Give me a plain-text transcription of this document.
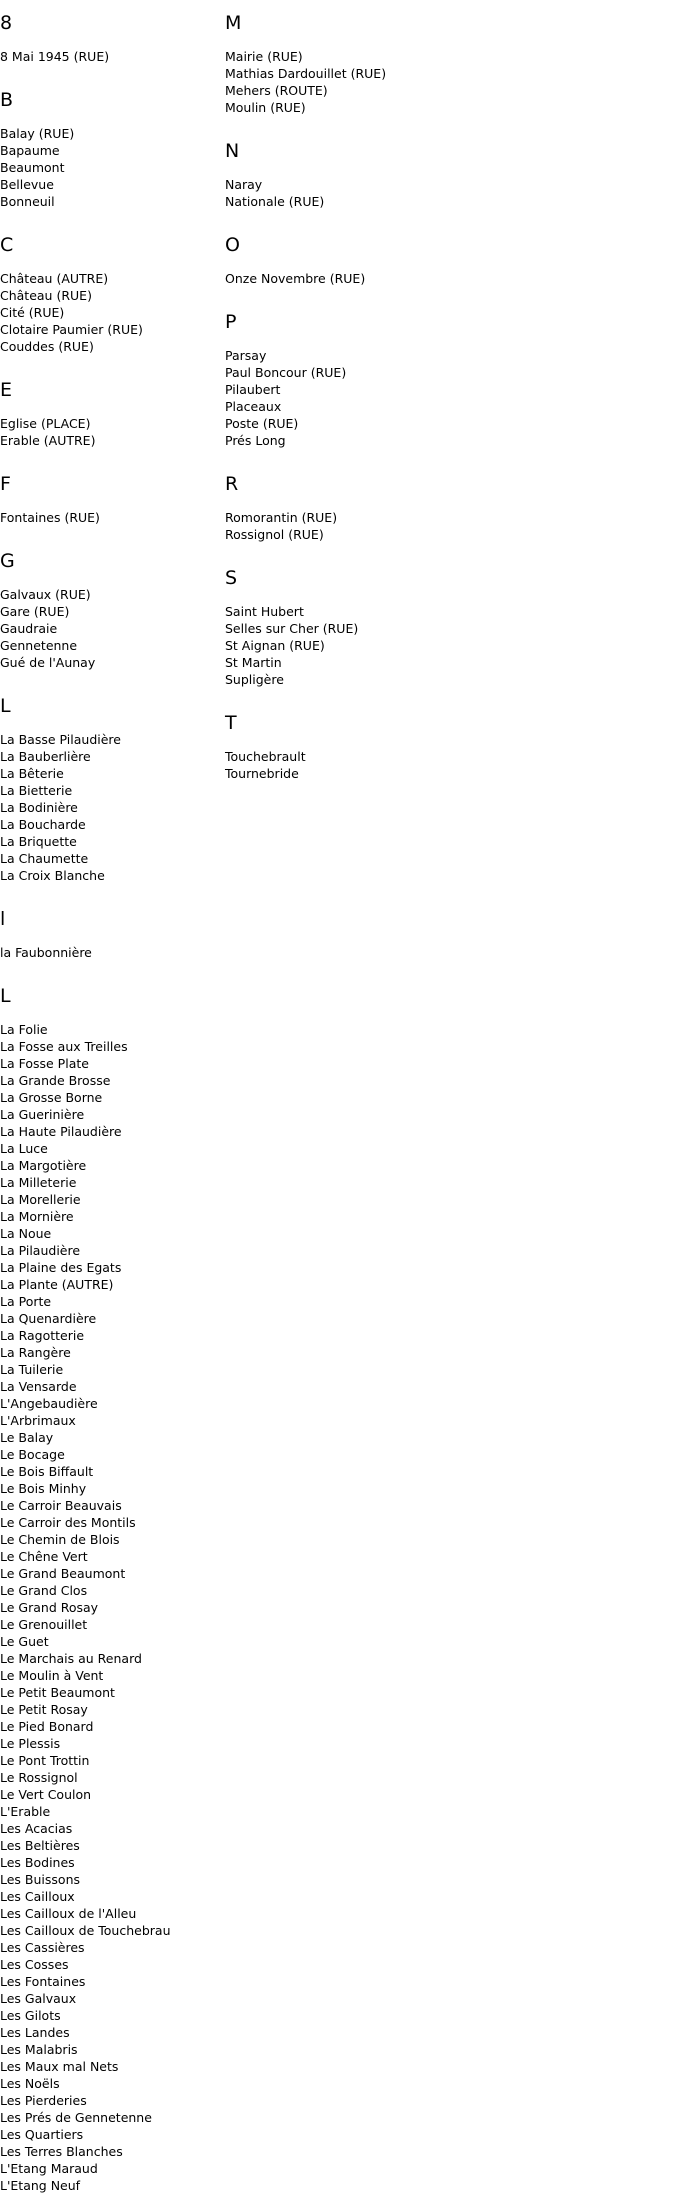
8
8 Mai 1945 (RUE)
B
Balay (RUE)
Bapaume
Beaumont
Bellevue
Bonneuil
C
Château (AUTRE)
Château (RUE)
Cité (RUE)
Clotaire Paumier (RUE)
Couddes (RUE)
E
Eglise (PLACE)
Erable (AUTRE)
F
Fontaines (RUE)
G
Galvaux (RUE)
Gare (RUE)
Gaudraie
Gennetenne
Gué de l'Aunay
L
La Basse Pilaudière
La Bauberlière
La Bêterie
La Bietterie
La Bodinière
La Boucharde
La Briquette
La Chaumette
La Croix Blanche
l
la Faubonnière
L
La Folie
La Fosse aux Treilles
La Fosse Plate
La Grande Brosse
La Grosse Borne
La Guerinière
La Haute Pilaudière
La Luce
La Margotière
La Milleterie
La Morellerie
La Mornière
La Noue
La Pilaudière
La Plaine des Egats
La Plante (AUTRE)
La Porte
La Quenardière
La Ragotterie
La Rangère
La Tuilerie
La Vensarde
L'Angebaudière
L'Arbrimaux
Le Balay
Le Bocage
Le Bois Biffault
Le Bois Minhy
Le Carroir Beauvais
Le Carroir des Montils
Le Chemin de Blois
Le Chêne Vert
Le Grand Beaumont
Le Grand Clos
Le Grand Rosay
Le Grenouillet
Le Guet
Le Marchais au Renard
Le Moulin à Vent
Le Petit Beaumont
Le Petit Rosay
Le Pied Bonard
Le Plessis
Le Pont Trottin
Le Rossignol
Le Vert Coulon
L'Erable
Les Acacias
Les Beltières
Les Bodines
Les Buissons
Les Cailloux
Les Cailloux de l'Alleu
Les Cailloux de Touchebrau
Les Cassières
Les Cosses
Les Fontaines
Les Galvaux
Les Gilots
Les Landes
Les Malabris
Les Maux mal Nets
Les Noëls
Les Pierderies
Les Prés de Gennetenne
Les Quartiers
Les Terres Blanches
L'Etang Maraud
L'Etang Neuf
M
Mairie (RUE)
Mathias Dardouillet (RUE)
Mehers (ROUTE)
Moulin (RUE)
N
Naray
Nationale (RUE)
O
Onze Novembre (RUE)
P
Parsay
Paul Boncour (RUE)
Pilaubert
Placeaux
Poste (RUE)
Prés Long
R
Romorantin (RUE)
Rossignol (RUE)
S
Saint Hubert
Selles sur Cher (RUE)
St Aignan (RUE)
St Martin
Supligère
T
Touchebrault
Tournebride
